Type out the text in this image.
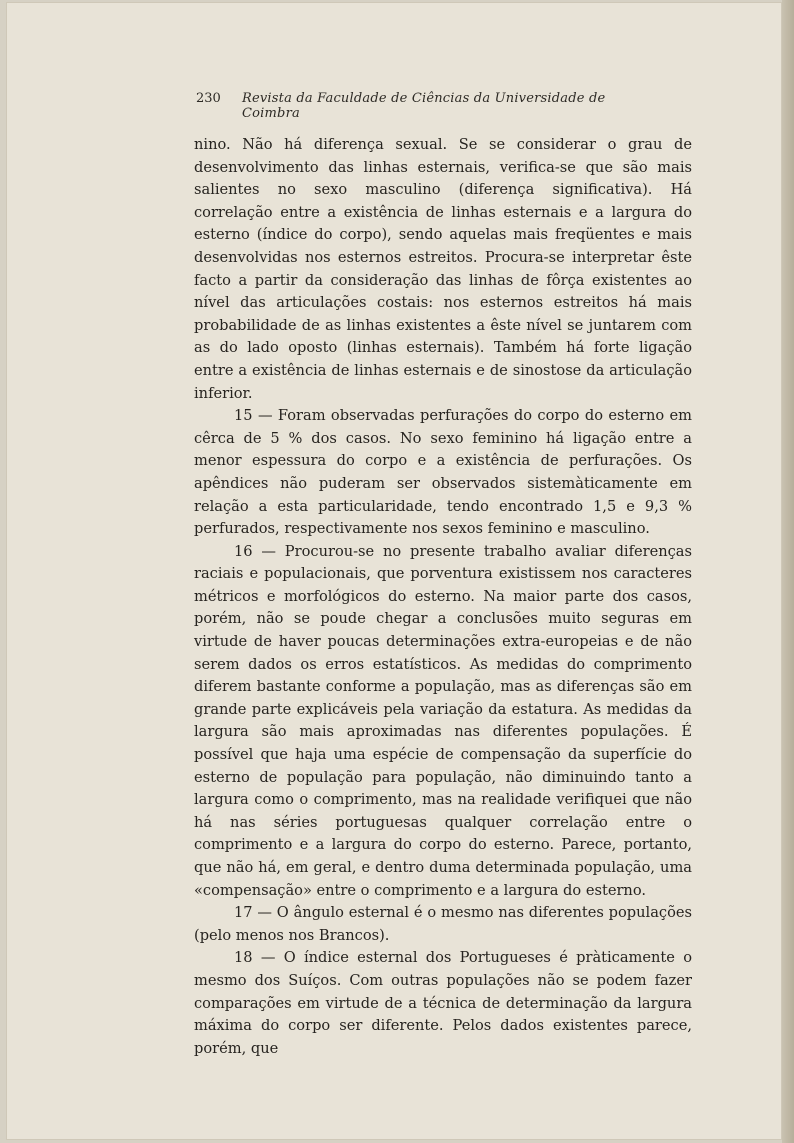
230 Revista da Faculdade de Ciências da Universidade de Coimbra

nino. Não há diferença sexual. Se se considerar o grau de desenvolvimento das linhas esternais, verifica-se que são mais salientes no sexo masculino (diferença significativa). Há correlação entre a existência de linhas esternais e a largura do esterno (índice do corpo), sendo aquelas mais freqüentes e mais desenvolvidas nos esternos estreitos. Procura-se interpretar êste facto a partir da consideração das linhas de fôrça existentes ao nível das articulações costais: nos esternos estreitos há mais probabilidade de as linhas existentes a êste nível se juntarem com as do lado oposto (linhas esternais). Também há forte ligação entre a existência de linhas esternais e de sinostose da articulação inferior.

15 — Foram observadas perfurações do corpo do esterno em cêrca de 5 % dos casos. No sexo feminino há ligação entre a menor espessura do corpo e a existência de perfurações. Os apêndices não puderam ser observados sistemàticamente em relação a esta particularidade, tendo encontrado 1,5 e 9,3 % perfurados, respectivamente nos sexos feminino e masculino.

16 — Procurou-se no presente trabalho avaliar diferenças raciais e populacionais, que porventura existissem nos caracteres métricos e morfológicos do esterno. Na maior parte dos casos, porém, não se poude chegar a conclusões muito seguras em virtude de haver poucas determinações extra-europeias e de não serem dados os erros estatísticos. As medidas do comprimento diferem bastante conforme a população, mas as diferenças são em grande parte explicáveis pela variação da estatura. As medidas da largura são mais aproximadas nas diferentes populações. É possível que haja uma espécie de compensação da superfície do esterno de população para população, não diminuindo tanto a largura como o comprimento, mas na realidade verifiquei que não há nas séries portuguesas qualquer correlação entre o comprimento e a largura do corpo do esterno. Parece, portanto, que não há, em geral, e dentro duma determinada população, uma «compensação» entre o comprimento e a largura do esterno.

17 — O ângulo esternal é o mesmo nas diferentes populações (pelo menos nos Brancos).

18 — O índice esternal dos Portugueses é pràticamente o mesmo dos Suíços. Com outras populações não se podem fazer comparações em virtude de a técnica de determinação da largura máxima do corpo ser diferente. Pelos dados existentes parece, porém, que
